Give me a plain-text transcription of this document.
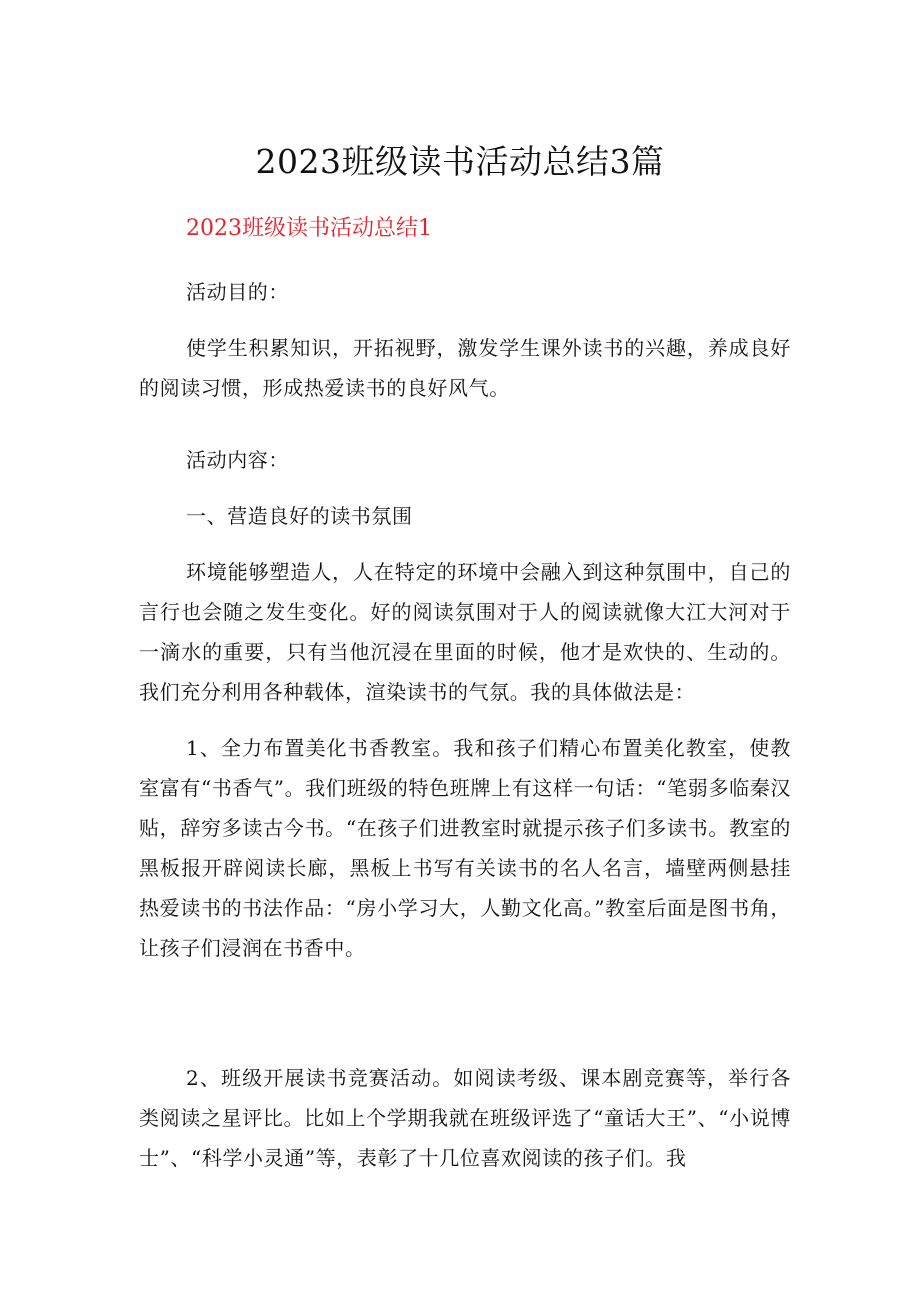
2023班级读书活动总结3篇
2023班级读书活动总结1

活动目的：

使学生积累知识，开拓视野，激发学生课外读书的兴趣，养成良好的阅读习惯，形成热爱读书的良好风气。

活动内容：

一、营造良好的读书氛围

环境能够塑造人，人在特定的环境中会融入到这种氛围中，自己的言行也会随之发生变化。好的阅读氛围对于人的阅读就像大江大河对于一滴水的重要，只有当他沉浸在里面的时候，他才是欢快的、生动的。我们充分利用各种载体，渲染读书的气氛。我的具体做法是：

1、全力布置美化书香教室。我和孩子们精心布置美化教室，使教室富有“书香气”。我们班级的特色班牌上有这样一句话：“笔弱多临秦汉贴，辞穷多读古今书。“在孩子们进教室时就提示孩子们多读书。教室的黑板报开辟阅读长廊，黑板上书写有关读书的名人名言，墙壁两侧悬挂热爱读书的书法作品：“房小学习大，人勤文化高。”教室后面是图书角，让孩子们浸润在书香中。

2、班级开展读书竞赛活动。如阅读考级、课本剧竞赛等，举行各类阅读之星评比。比如上个学期我就在班级评选了“童话大王”、“小说博士”、“科学小灵通”等，表彰了十几位喜欢阅读的孩子们。我
